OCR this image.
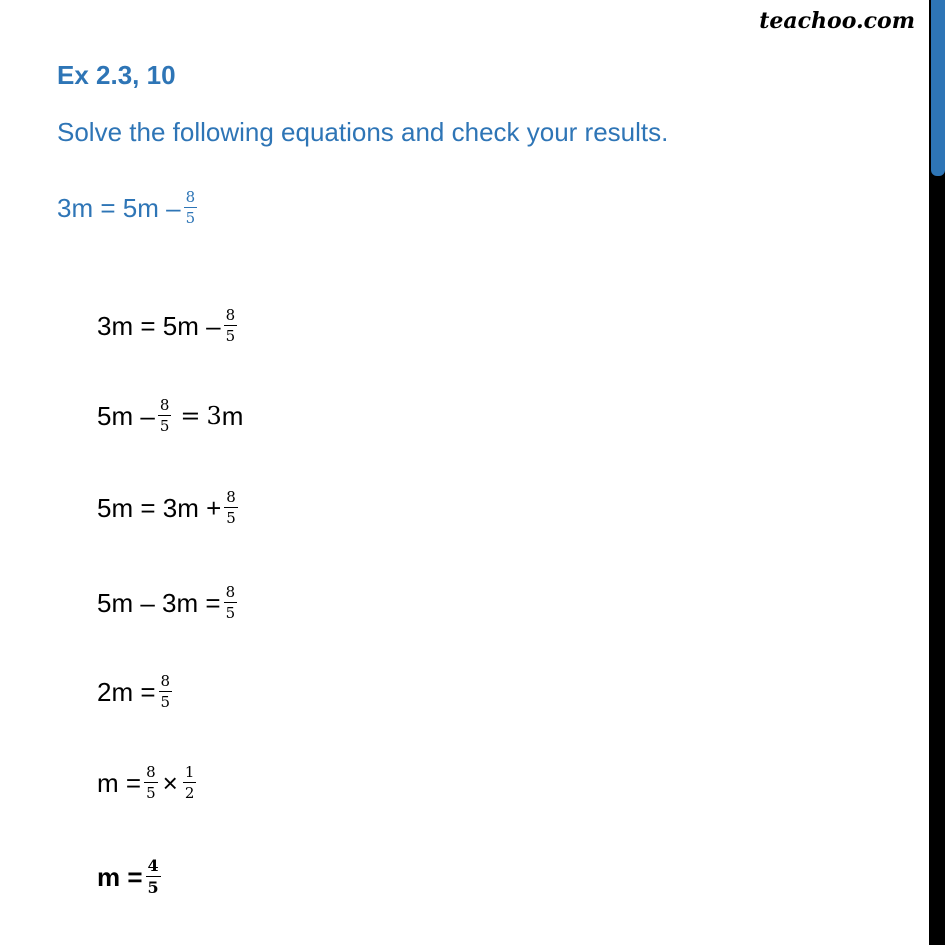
teachoo.com
Ex 2.3, 10
Solve the following equations and check your results.
$3m = 5m - \frac{8}{5}$
$3m = 5m - \frac{8}{5}$
$5m - \frac{8}{5} = 3$ m
$5m = 3m + \frac{8}{5}$
$5m - 3m = \frac{8}{5}$
$2m = \frac{8}{5}$
$m = \frac{8}{5} \times \frac{1}{2}$
$m = \frac{4}{5}$
